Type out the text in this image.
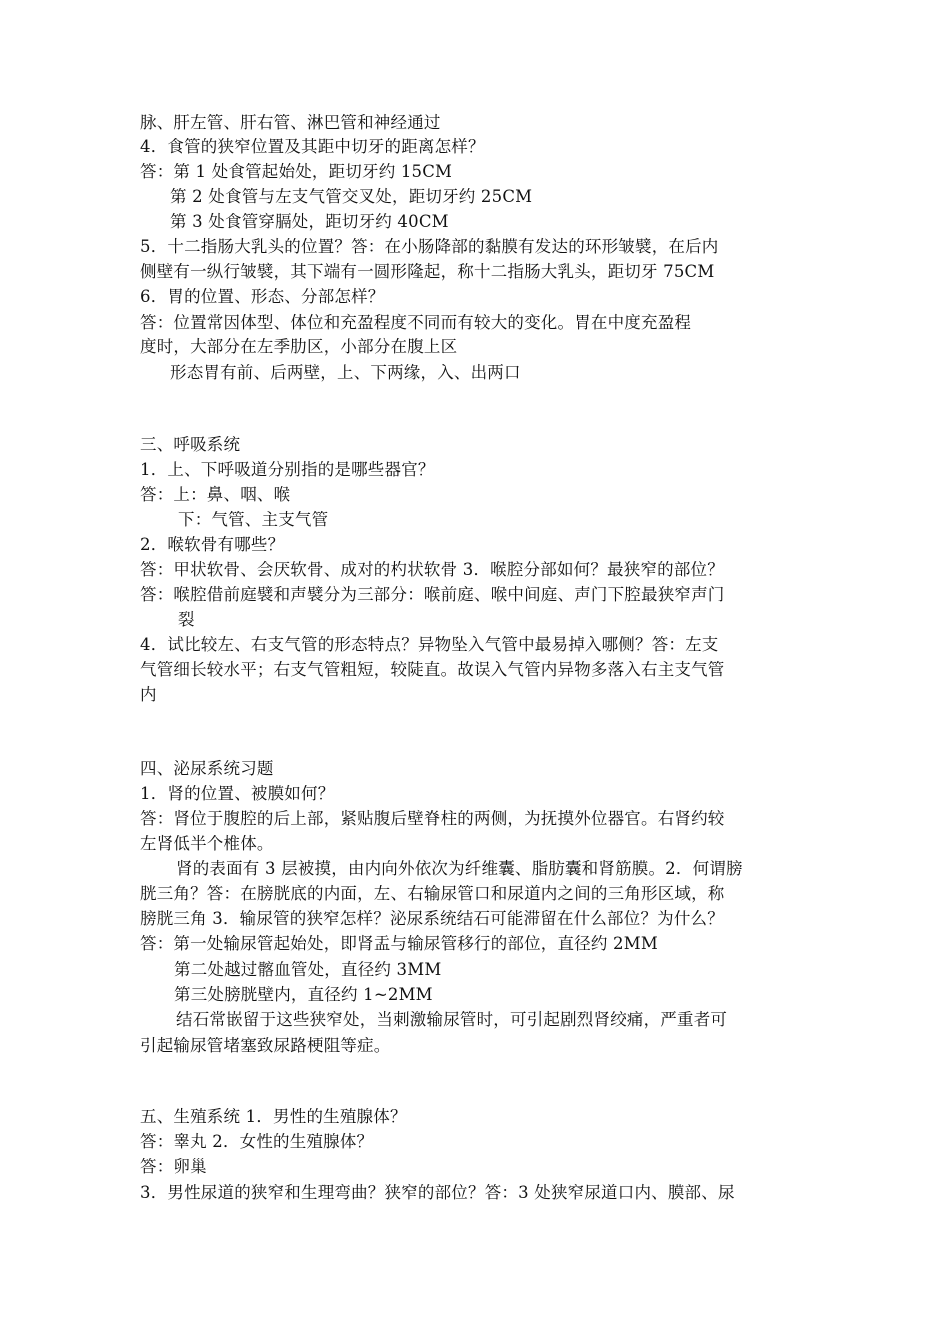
脉、肝左管、肝右管、淋巴管和神经通过
4．食管的狭窄位置及其距中切牙的距离怎样？
答：第 1 处食管起始处，距切牙约 15CM
第 2 处食管与左支气管交叉处，距切牙约 25CM
第 3 处食管穿膈处，距切牙约 40CM
5．十二指肠大乳头的位置？答：在小肠降部的黏膜有发达的环形皱襞，在后内
侧壁有一纵行皱襞，其下端有一圆形隆起，称十二指肠大乳头，距切牙 75CM
6．胃的位置、形态、分部怎样？
答：位置常因体型、体位和充盈程度不同而有较大的变化。胃在中度充盈程
度时，大部分在左季肋区，小部分在腹上区
形态胃有前、后两壁，上、下两缘，入、出两口
三、呼吸系统
1．上、下呼吸道分别指的是哪些器官？
答：上：鼻、咽、喉
下：气管、主支气管
2．喉软骨有哪些？
答：甲状软骨、会厌软骨、成对的杓状软骨 3．喉腔分部如何？最狭窄的部位？
答：喉腔借前庭襞和声襞分为三部分：喉前庭、喉中间庭、声门下腔最狭窄声门
裂
4．试比较左、右支气管的形态特点？异物坠入气管中最易掉入哪侧？答：左支
气管细长较水平；右支气管粗短，较陡直。故误入气管内异物多落入右主支气管
内
四、泌尿系统习题
1．肾的位置、被膜如何？
答：肾位于腹腔的后上部，紧贴腹后壁脊柱的两侧，为抚摸外位器官。右肾约较
左肾低半个椎体。
肾的表面有 3 层被摸，由内向外依次为纤维囊、脂肪囊和肾筋膜。2．何谓膀
胱三角？答：在膀胱底的内面，左、右输尿管口和尿道内之间的三角形区域，称
膀胱三角 3．输尿管的狭窄怎样？泌尿系统结石可能滞留在什么部位？为什么？
答：第一处输尿管起始处，即肾盂与输尿管移行的部位，直径约 2MM
第二处越过髂血管处，直径约 3MM
第三处膀胱壁内，直径约 1~2MM
结石常嵌留于这些狭窄处，当刺激输尿管时，可引起剧烈肾绞痛，严重者可
引起输尿管堵塞致尿路梗阻等症。
五、生殖系统 1．男性的生殖腺体？
答：睾丸 2．女性的生殖腺体？
答：卵巢
3．男性尿道的狭窄和生理弯曲？狭窄的部位？答：3 处狭窄尿道口内、膜部、尿
